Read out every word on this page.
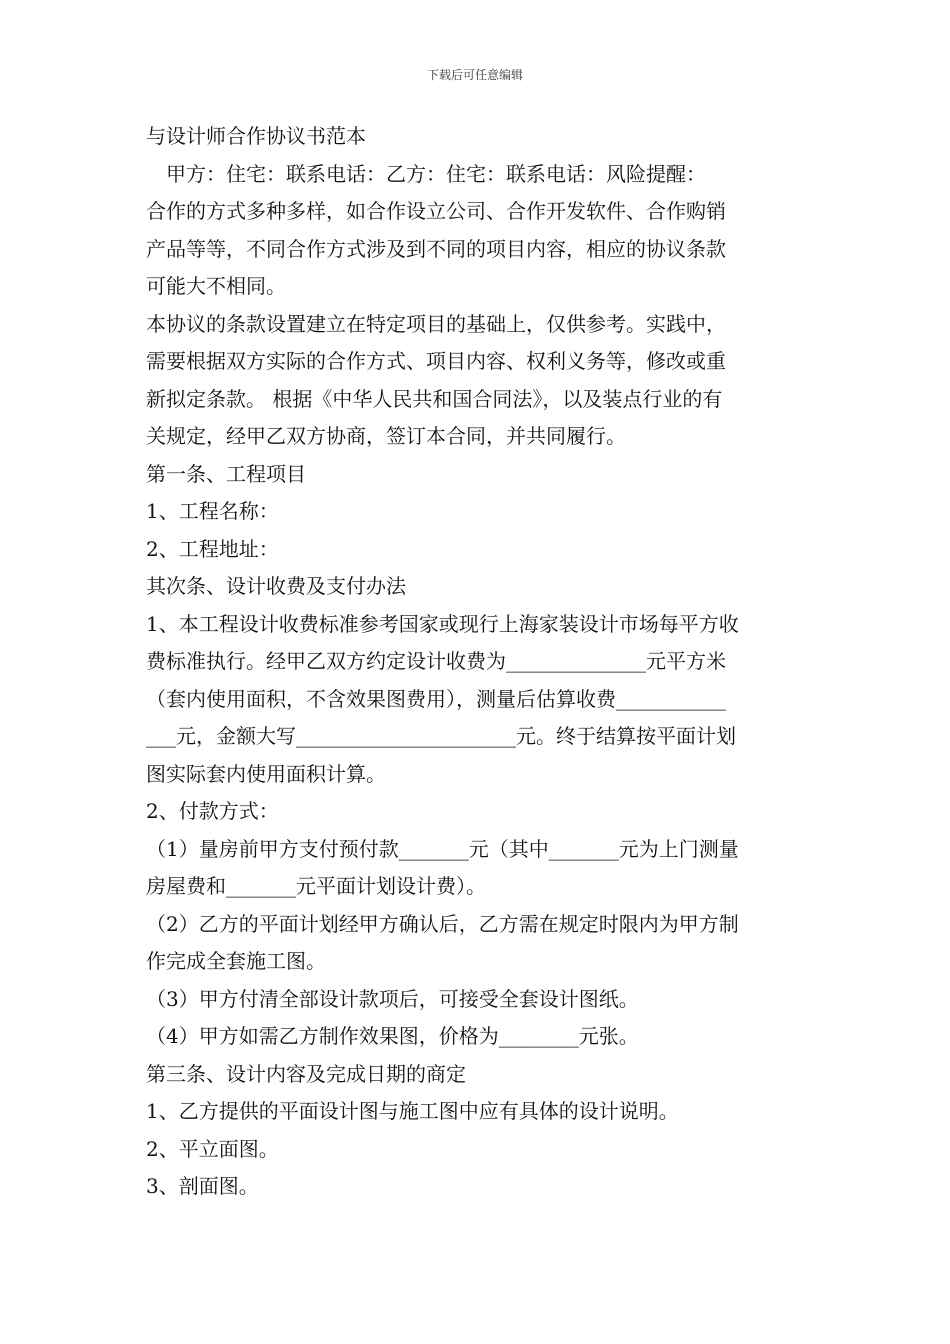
下载后可任意编辑

与设计师合作协议书范本

甲方：住宅：联系电话：乙方：住宅：联系电话：风险提醒：

合作的方式多种多样，如合作设立公司、合作开发软件、合作购销

产品等等，不同合作方式涉及到不同的项目内容，相应的协议条款

可能大不相同。

本协议的条款设置建立在特定项目的基础上，仅供参考。实践中，

需要根据双方实际的合作方式、项目内容、权利义务等，修改或重

新拟定条款。 根据《中华人民共和国合同法》，以及装点行业的有

关规定，经甲乙双方协商，签订本合同，并共同履行。

第一条、工程项目

1、工程名称：

2、工程地址：

其次条、设计收费及支付办法

1、本工程设计收费标准参考国家或现行上海家装设计市场每平方收

费标准执行。经甲乙双方约定设计收费为______________元平方米

（套内使用面积，不含效果图费用），测量后估算收费___________

___元，金额大写______________________元。终于结算按平面计划

图实际套内使用面积计算。

2、付款方式：

（1）量房前甲方支付预付款_______元（其中_______元为上门测量

房屋费和_______元平面计划设计费）。

（2）乙方的平面计划经甲方确认后，乙方需在规定时限内为甲方制

作完成全套施工图。

（3）甲方付清全部设计款项后，可接受全套设计图纸。

（4）甲方如需乙方制作效果图，价格为________元张。

第三条、设计内容及完成日期的商定

1、乙方提供的平面设计图与施工图中应有具体的设计说明。

2、平立面图。

3、剖面图。
